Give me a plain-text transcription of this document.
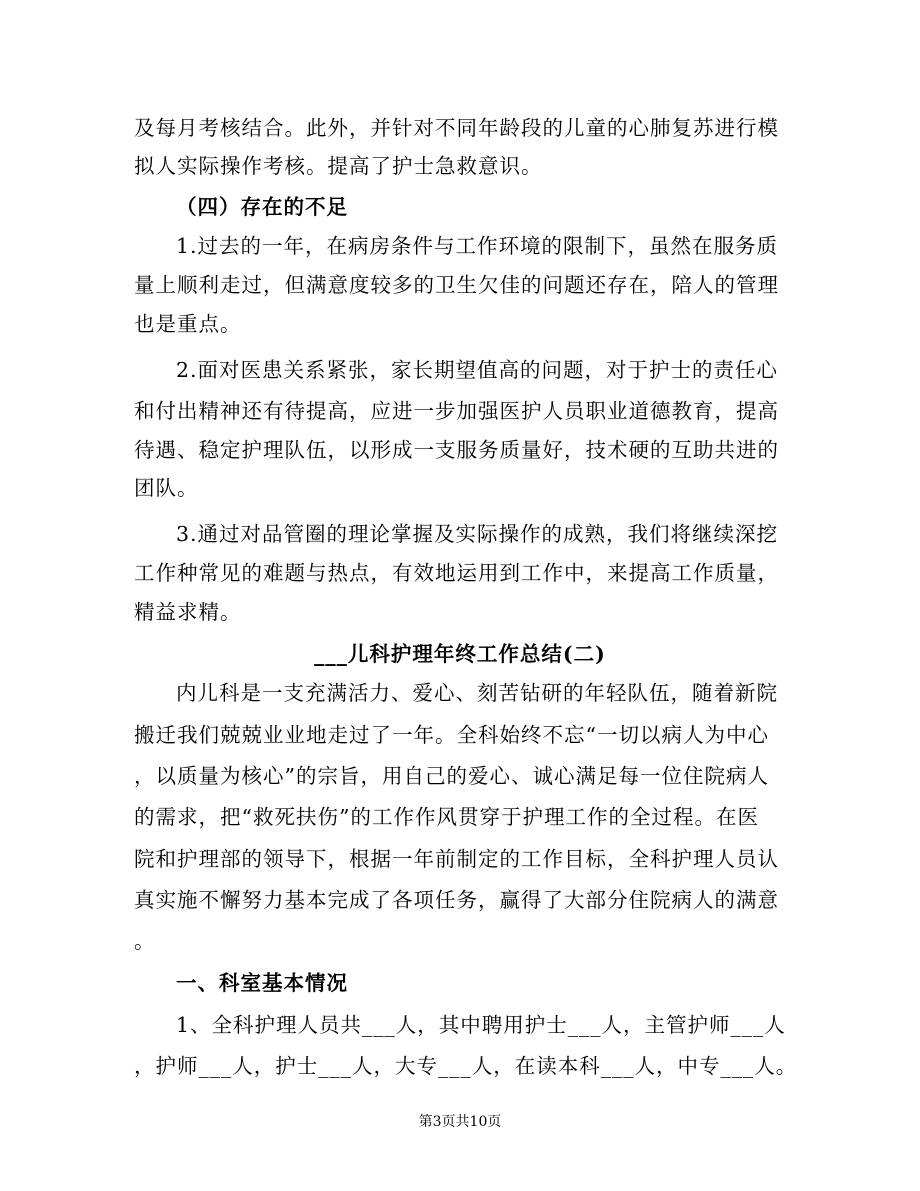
及每月考核结合。此外，并针对不同年龄段的儿童的心肺复苏进行模
拟人实际操作考核。提高了护士急救意识。
（四）存在的不足
1.过去的一年，在病房条件与工作环境的限制下，虽然在服务质
量上顺利走过，但满意度较多的卫生欠佳的问题还存在，陪人的管理
也是重点。
2.面对医患关系紧张，家长期望值高的问题，对于护士的责任心
和付出精神还有待提高，应进一步加强医护人员职业道德教育，提高
待遇、稳定护理队伍，以形成一支服务质量好，技术硬的互助共进的
团队。
3.通过对品管圈的理论掌握及实际操作的成熟，我们将继续深挖
工作种常见的难题与热点，有效地运用到工作中，来提高工作质量，
精益求精。
___儿科护理年终工作总结(二)
内儿科是一支充满活力、爱心、刻苦钻研的年轻队伍，随着新院
搬迁我们兢兢业业地走过了一年。全科始终不忘“一切以病人为中心
，以质量为核心”的宗旨，用自己的爱心、诚心满足每一位住院病人
的需求，把“救死扶伤”的工作作风贯穿于护理工作的全过程。在医
院和护理部的领导下，根据一年前制定的工作目标，全科护理人员认
真实施不懈努力基本完成了各项任务，赢得了大部分住院病人的满意
。
一、科室基本情况
1、全科护理人员共___人，其中聘用护士___人，主管护师___人
，护师___人，护士___人，大专___人，在读本科___人，中专___人。
第3页共10页
